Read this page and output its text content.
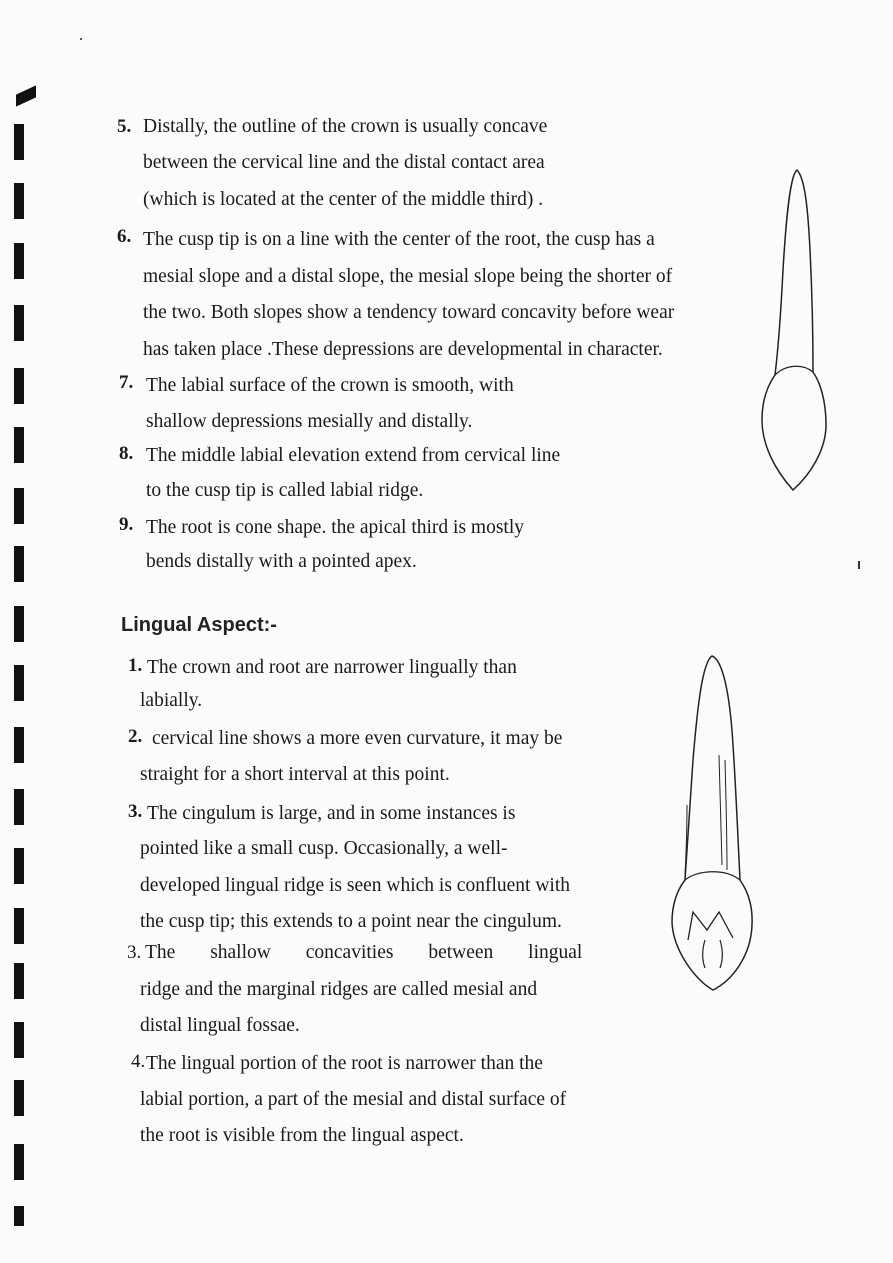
5. Distally, the outline of the crown is usually concave
between the cervical line and the distal contact area
(which is located at the center of the middle third) .
6. The cusp tip is on a line with the center of the root, the cusp has a
mesial slope and a distal slope, the mesial slope being the shorter of
the two. Both slopes show a tendency toward concavity before wear
has taken place .These depressions are developmental in character.
7. The labial surface of the crown is smooth, with
shallow depressions mesially and distally.
8. The middle labial elevation extend from cervical line
to the cusp tip is called labial ridge.
9. The root is cone shape. the apical third is mostly
bends distally with a pointed apex.
Lingual Aspect:-
1. The crown and root are narrower lingually than
labially.
2. cervical line shows a more even curvature, it may be
straight for a short interval at this point.
3. The cingulum is large, and in some instances is
pointed like a small cusp. Occasionally, a well-
developed lingual ridge is seen which is confluent with
the cusp tip; this extends to a point near the cingulum.
3. The shallow concavities between lingual
ridge and the marginal ridges are called mesial and
distal lingual fossae.
4. The lingual portion of the root is narrower than the
labial portion, a part of the mesial and distal surface of
the root is visible from the lingual aspect.
